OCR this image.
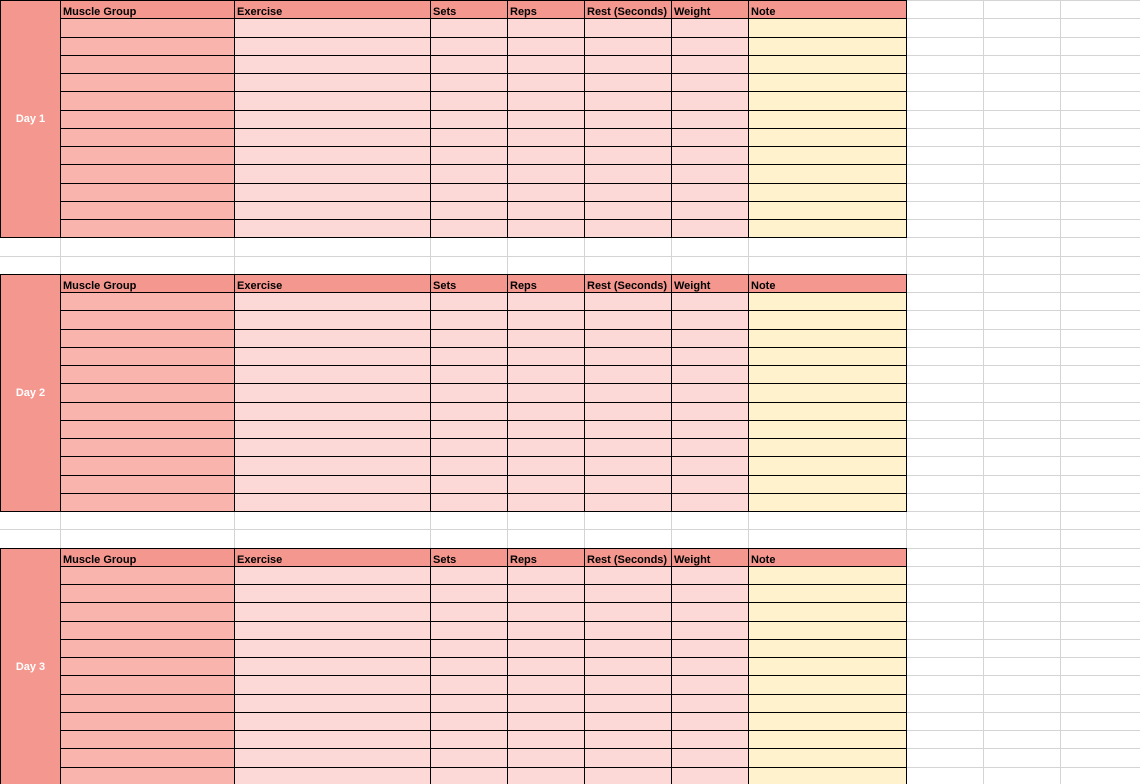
Day 1
Muscle Group	Exercise	Sets	Reps	Rest (Seconds) Weight	Note
Day 2
Muscle Group	Exercise	Sets	Reps	Rest (Seconds) Weight	Note
Day 3
Muscle Group	Exercise	Sets	Reps	Rest (Seconds) Weight	Note
